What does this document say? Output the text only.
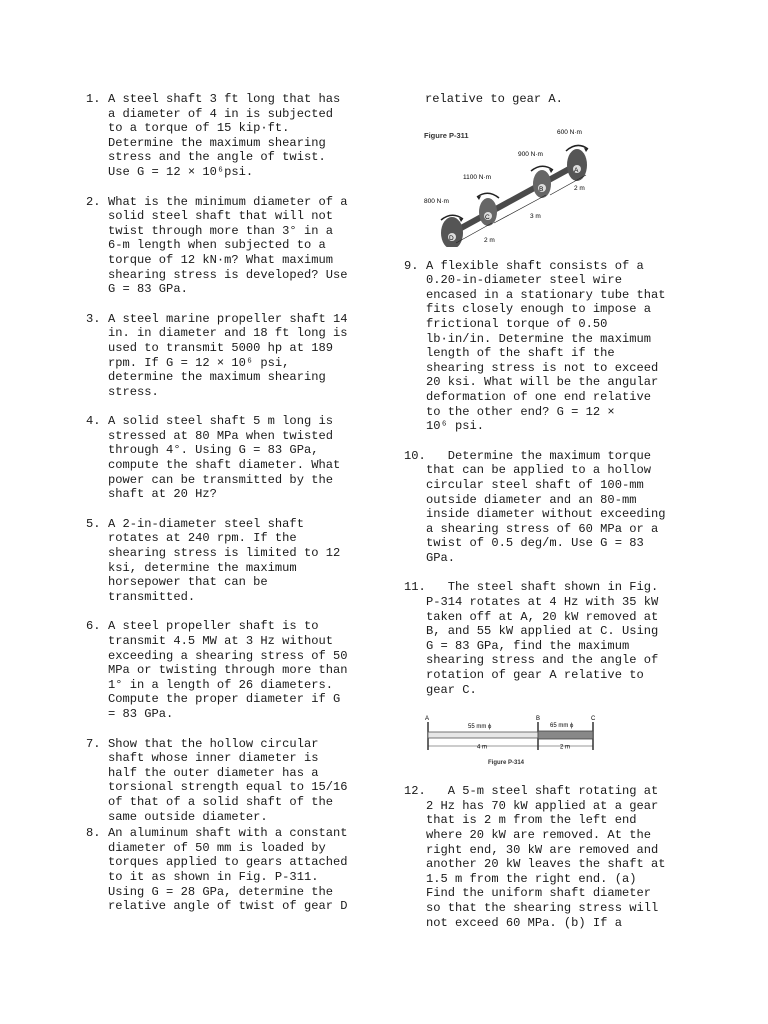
1. A steel shaft 3 ft long that has
a diameter of 4 in is subjected
to a torque of 15 kip·ft.
Determine the maximum shearing
stress and the angle of twist.
Use G = 12 × 10⁶psi.
2. What is the minimum diameter of a
solid steel shaft that will not
twist through more than 3° in a
6-m length when subjected to a
torque of 12 kN·m? What maximum
shearing stress is developed? Use
G = 83 GPa.
3. A steel marine propeller shaft 14
in. in diameter and 18 ft long is
used to transmit 5000 hp at 189
rpm. If G = 12 × 10⁶ psi,
determine the maximum shearing
stress.
4. A solid steel shaft 5 m long is
stressed at 80 MPa when twisted
through 4°. Using G = 83 GPa,
compute the shaft diameter. What
power can be transmitted by the
shaft at 20 Hz?
5. A 2-in-diameter steel shaft
rotates at 240 rpm. If the
shearing stress is limited to 12
ksi, determine the maximum
horsepower that can be
transmitted.
6. A steel propeller shaft is to
transmit 4.5 MW at 3 Hz without
exceeding a shearing stress of 50
MPa or twisting through more than
1° in a length of 26 diameters.
Compute the proper diameter if G
= 83 GPa.
7. Show that the hollow circular
shaft whose inner diameter is
half the outer diameter has a
torsional strength equal to 15/16
of that of a solid shaft of the
same outside diameter.
8. An aluminum shaft with a constant
diameter of 50 mm is loaded by
torques applied to gears attached
to it as shown in Fig. P-311.
Using G = 28 GPa, determine the
relative angle of twist of gear D
relative to gear A.
Figure P-311
D
C
B
A
600 N·m
900 N·m
1100 N·m
800 N·m
2 m
3 m
2 m
9. A flexible shaft consists of a
0.20-in-diameter steel wire
encased in a stationary tube that
fits closely enough to impose a
frictional torque of 0.50
lb·in/in. Determine the maximum
length of the shaft if the
shearing stress is not to exceed
20 ksi. What will be the angular
deformation of one end relative
to the other end? G = 12 ×
10⁶ psi.
10.	Determine the maximum torque
that can be applied to a hollow
circular steel shaft of 100-mm
outside diameter and an 80-mm
inside diameter without exceeding
a shearing stress of 60 MPa or a
twist of 0.5 deg/m. Use G = 83
GPa.
11.	The steel shaft shown in Fig.
P-314 rotates at 4 Hz with 35 kW
taken off at A, 20 kW removed at
B, and 55 kW applied at C. Using
G = 83 GPa, find the maximum
shearing stress and the angle of
rotation of gear A relative to
gear C.
A	B	C
55 mm ϕ	65 mm ϕ
4 m	2 m
Figure P-314
12.	A 5-m steel shaft rotating at
2 Hz has 70 kW applied at a gear
that is 2 m from the left end
where 20 kW are removed. At the
right end, 30 kW are removed and
another 20 kW leaves the shaft at
1.5 m from the right end. (a)
Find the uniform shaft diameter
so that the shearing stress will
not exceed 60 MPa. (b) If a
